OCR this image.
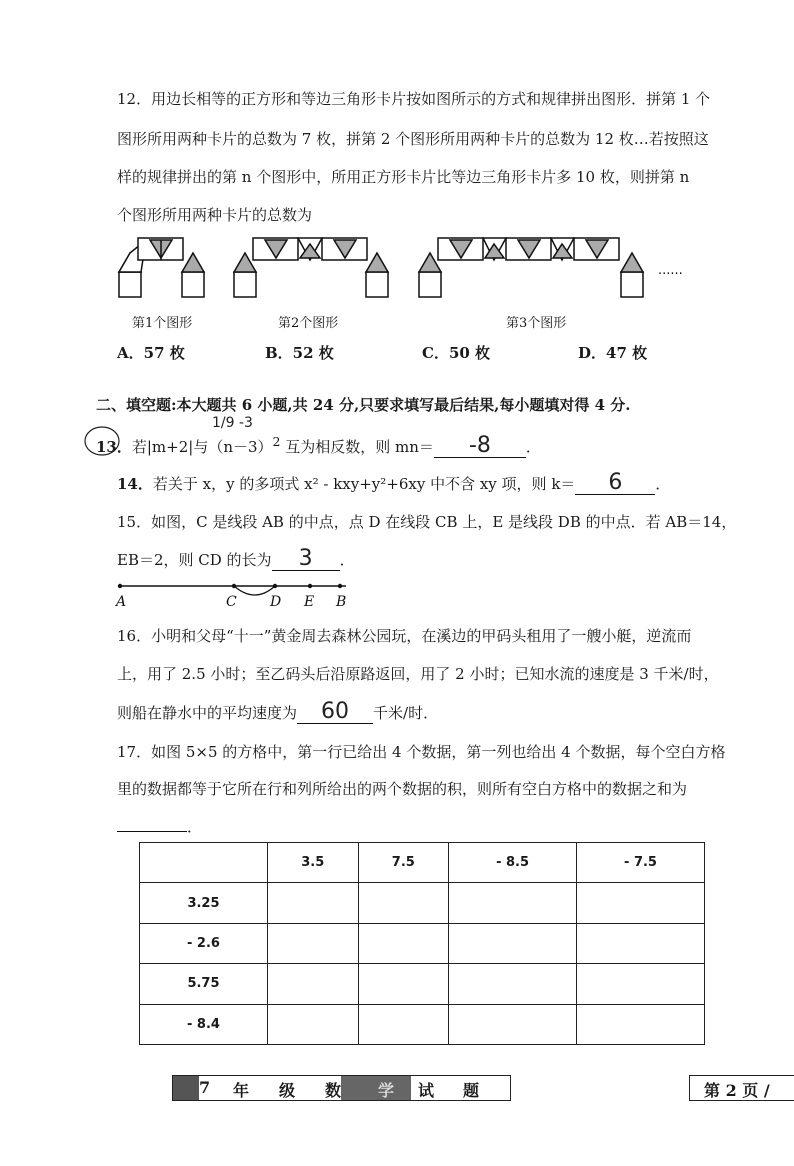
12．用边长相等的正方形和等边三角形卡片按如图所示的方式和规律拼出图形．拼第 1 个
图形所用两种卡片的总数为 7 枚，拼第 2 个图形所用两种卡片的总数为 12 枚…若按照这
样的规律拼出的第 n 个图形中，所用正方形卡片比等边三角形卡片多 10 枚，则拼第 n
个图形所用两种卡片的总数为
......
第1个图形	第2个图形	第3个图形
A．57 枚	B．52 枚	C．50 枚	D．47 枚
二、填空题:本大题共 6 小题,共 24 分,只要求填写最后结果,每小题填对得 4 分.
1/9 -3
13．若|m+2|与$(n-3)^2$ 互为相反数，则 mn＝ -8 ．
14．若关于 x，y 的多项式 x² - kxy+y²+6xy 中不含 xy 项，则 k＝ 6 ．
15．如图，C 是线段 AB 的中点，点 D 在线段 CB 上，E 是线段 DB 的中点．若 AB＝14，
EB＝2，则 CD 的长为 3 ．
A	C D E B
16．小明和父母“十一”黄金周去森林公园玩，在溪边的甲码头租用了一艘小艇，逆流而
上，用了 2.5 小时；至乙码头后沿原路返回，用了 2 小时；已知水流的速度是 3 千米/时，
则船在静水中的平均速度为 60 千米/时．
17．如图 5×5 的方格中，第一行已给出 4 个数据，第一列也给出 4 个数据，每个空白方格
里的数据都等于它所在行和列所给出的两个数据的积，则所有空白方格中的数据之和为
．
	3.5	7.5	- 8.5	- 7.5
3.25				
- 2.6				
5.75				
- 8.4				
7 年 级 数 学 试 题	第 2 页 /
